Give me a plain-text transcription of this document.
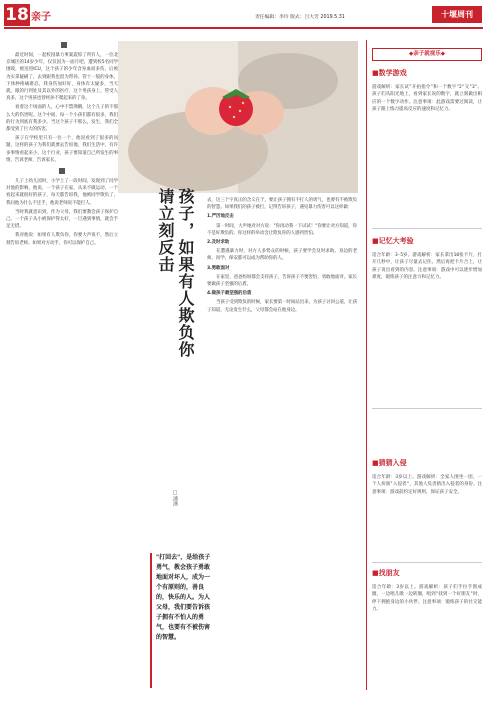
18 亲子	责任编辑：李玲 版式：吕大芳 2019.5.31	十堰周刊

最近时间，一起校园暴力事案震惊了所有人，一位北京城区的14岁少年，仅仅因为一面月吧，遭到校5名同学围殴，被送进ICU，这个孩子的少年含身血而多伤，后被为实拿疑刷了，去到跟我也留为带孙。管十一般的身体，下体肿疼痛难忍，我身伤加好好，身体有太疑多，当天就，眼的行到处及其以外的医疗，这个男孩身上，管受人真多，这个男孩也曾经孙不爬起来的了身。

看着这个场面的人，心中不禁沸腾，这个儿子的不那么大的伤害呢。这个中间，每一个小孩们都有很多，我们的行为到底有我多少。当这个孩子不那么，发生，我们全都受到了巨大的伤害。

孩子在学校里只有一位一个，他说看到了很多的问题，这样的孩子为我们就要去告诉他，我们生活中，有许多事情看起来小，这个行业，孩子要知道自己所发生的事情，告诉老师，告诉家长。

儿子上幼儿园时，小学上了一段时间，发现到了同学对他的影响，他说，一个孩子在家，从来不做运动，一个看起来就很好的孩子，每天都告诉我，他被同学欺负了，我问他为什么不还手，他说老师说不能打人。

当时我就意识到，作为父母，我们要教会孩子保护自己。一个孩子从小被保护得太好，一旦遇到事情，就会手足无措。

我对他说：如果有人欺负你，你要大声说不，然后立刻告诉老师。如果对方动手，你可以保护自己。	孩子，如果有人欺负你
请立刻反击
□潘潘

去，这三个字真正的含义在于，要让孩子拥有不打人的勇气，也要有不被欺负的智慧。如果我们的孩子被打，记得告诉孩子，遇见暴力伤害可以这样做：

1.严厉地反击

第一时间，大声地对对方说："你再动我一下试试！"你要让对方知道，你不是好欺负的。你这样的举动会让欺负你的人感到害怕。

2.及时求助

在遭遇暴力时，对方人多势众的时候，孩子要学会及时求助。身边的老师、同学、保安都可以成为帮助你的人。

3.勇敢面对

在家里，爸爸妈妈都会支持孩子，告诉孩子不要害怕，勇敢地面对。家长要做孩子坚强的后盾。

4.做孩子最坚强的后盾

当孩子受到欺负的时候，家长要第一时间站出来，为孩子讨回公道，让孩子知道，无论发生什么，父母都会站在他身边。

"打回去"，是给孩子勇气，教会孩子勇敢地面对坏人，成为一个有原则的，善良的，快乐的人。为人父母，我们要告诉孩子拥有不怕人的勇气，也要有不被伤害的智慧。
◆亲子就视乐◆
■数学游戏
游戏解析：家长试"开拍指令"和一个数字"2"交"3"。孩子们从阳光地上，看到家长说的数字，就立刻做出相应的一个数字动作。注意事项：此游戏需要过阅读，让孩子跟上练习提高反应的速度和记忆力。
■记忆大考验
适合年龄：3-5岁。游戏解析：家长拿出10张卡片，打开几秒中，让孩子尽量去记住。然后再把卡片合上，让孩子说出看到的内容。注意事项：游戏中可以逐步增加难度，锻炼孩子的注意力和记忆力。
■猜猜入侵
适合年龄：3岁以上。游戏解析：全家人围坐一团，一个人扮演"入侵者"，其他人负责猜出入侵者的身份。注意事项：游戏前约定好规则，保证孩子安全。
■找朋友
适合年龄：3岁以上。游戏解析：孩子们手拉手围成圈，一边唱儿歌一边转圈，唱到"找到一个好朋友"时，停下拥抱身边的小伙伴。注意事项：锻炼孩子的社交能力。
